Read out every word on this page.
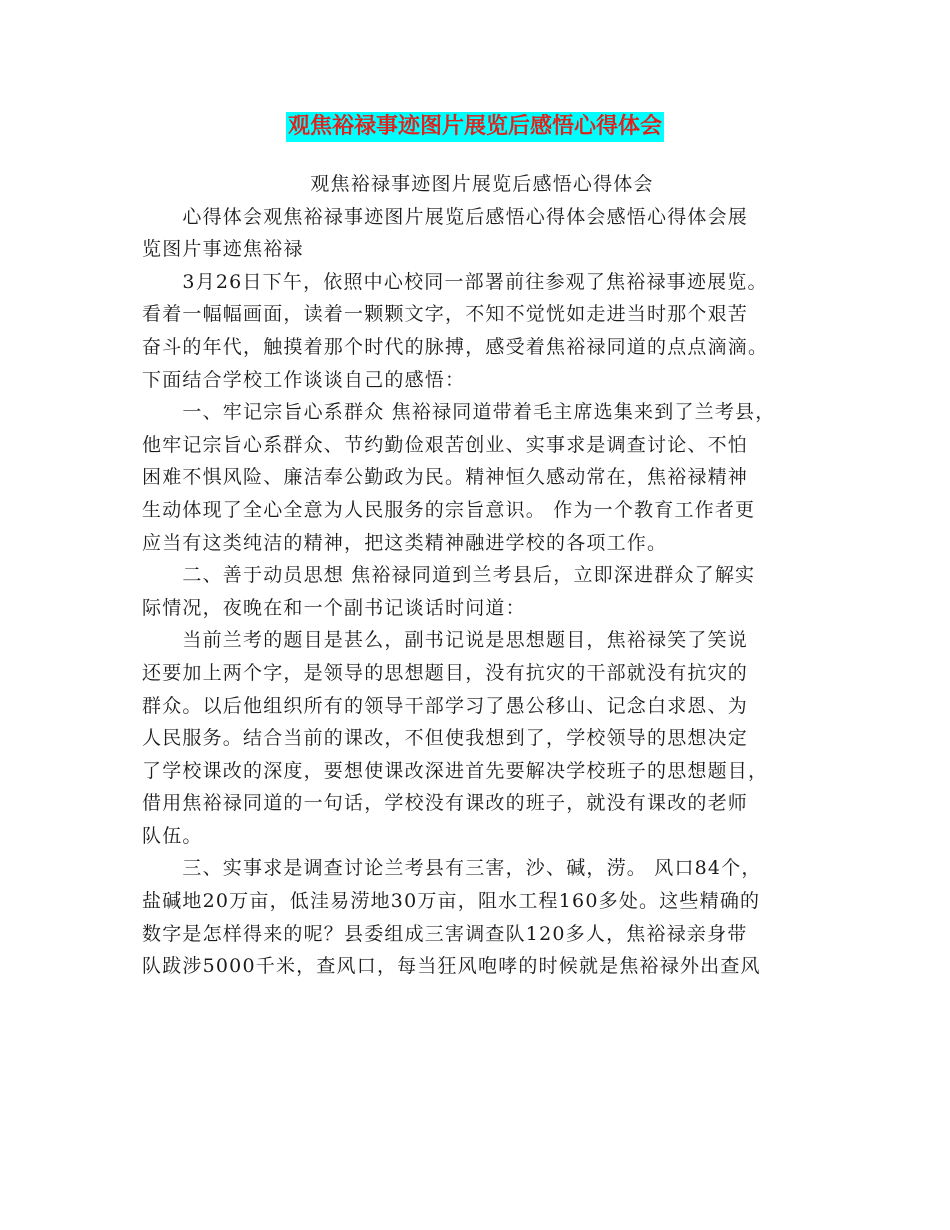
观焦裕禄事迹图片展览后感悟心得体会
观焦裕禄事迹图片展览后感悟心得体会
　　心得体会观焦裕禄事迹图片展览后感悟心得体会感悟心得体会展
览图片事迹焦裕禄
　　3月26日下午，依照中心校同一部署前往参观了焦裕禄事迹展览。
看着一幅幅画面，读着一颗颗文字，不知不觉恍如走进当时那个艰苦
奋斗的年代，触摸着那个时代的脉搏，感受着焦裕禄同道的点点滴滴。
下面结合学校工作谈谈自己的感悟：
　　一、牢记宗旨心系群众 焦裕禄同道带着毛主席选集来到了兰考县，
他牢记宗旨心系群众、节约勤俭艰苦创业、实事求是调查讨论、不怕
困难不惧风险、廉洁奉公勤政为民。精神恒久感动常在，焦裕禄精神
生动体现了全心全意为人民服务的宗旨意识。 作为一个教育工作者更
应当有这类纯洁的精神，把这类精神融进学校的各项工作。
　　二、善于动员思想 焦裕禄同道到兰考县后，立即深进群众了解实
际情况，夜晚在和一个副书记谈话时问道：
　　当前兰考的题目是甚么，副书记说是思想题目，焦裕禄笑了笑说
还要加上两个字，是领导的思想题目，没有抗灾的干部就没有抗灾的
群众。以后他组织所有的领导干部学习了愚公移山、记念白求恩、为
人民服务。结合当前的课改，不但使我想到了，学校领导的思想决定
了学校课改的深度，要想使课改深进首先要解决学校班子的思想题目，
借用焦裕禄同道的一句话，学校没有课改的班子，就没有课改的老师
队伍。
　　三、实事求是调查讨论兰考县有三害，沙、碱，涝。 风口84个，
盐碱地20万亩，低洼易涝地30万亩，阻水工程160多处。这些精确的
数字是怎样得来的呢？县委组成三害调查队120多人，焦裕禄亲身带
队跋涉5000千米，查风口，每当狂风咆哮的时候就是焦裕禄外出查风
